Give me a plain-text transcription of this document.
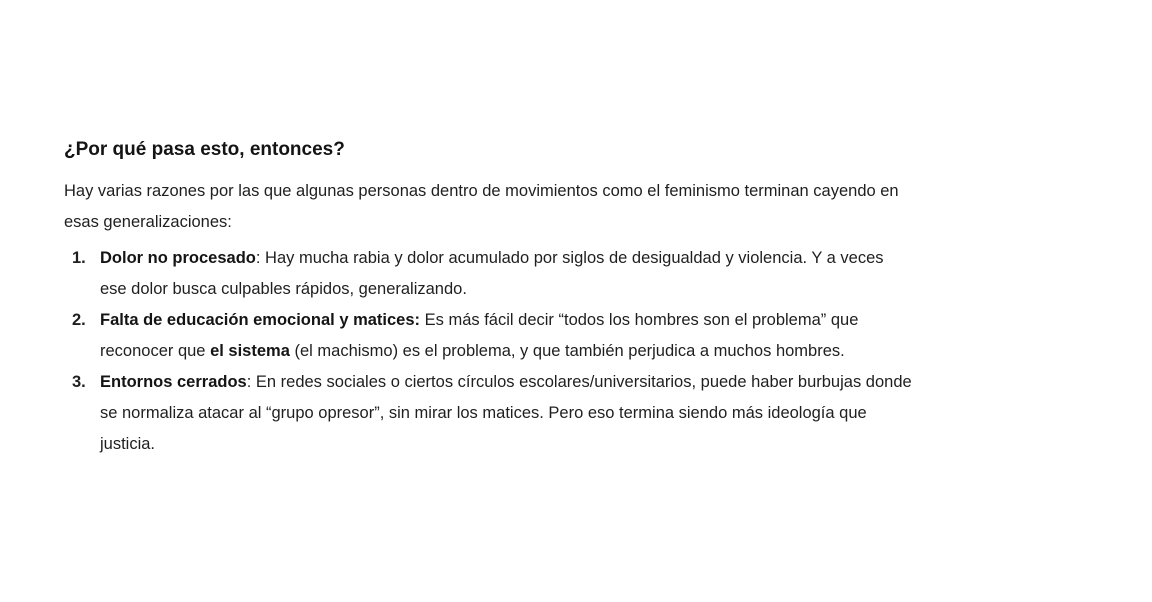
¿Por qué pasa esto, entonces?

Hay varias razones por las que algunas personas dentro de movimientos como el feminismo terminan cayendo en esas generalizaciones:

1. Dolor no procesado: Hay mucha rabia y dolor acumulado por siglos de desigualdad y violencia. Y a veces ese dolor busca culpables rápidos, generalizando.
2. Falta de educación emocional y matices: Es más fácil decir “todos los hombres son el problema” que reconocer que el sistema (el machismo) es el problema, y que también perjudica a muchos hombres.
3. Entornos cerrados: En redes sociales o ciertos círculos escolares/universitarios, puede haber burbujas donde se normaliza atacar al “grupo opresor”, sin mirar los matices. Pero eso termina siendo más ideología que justicia.
